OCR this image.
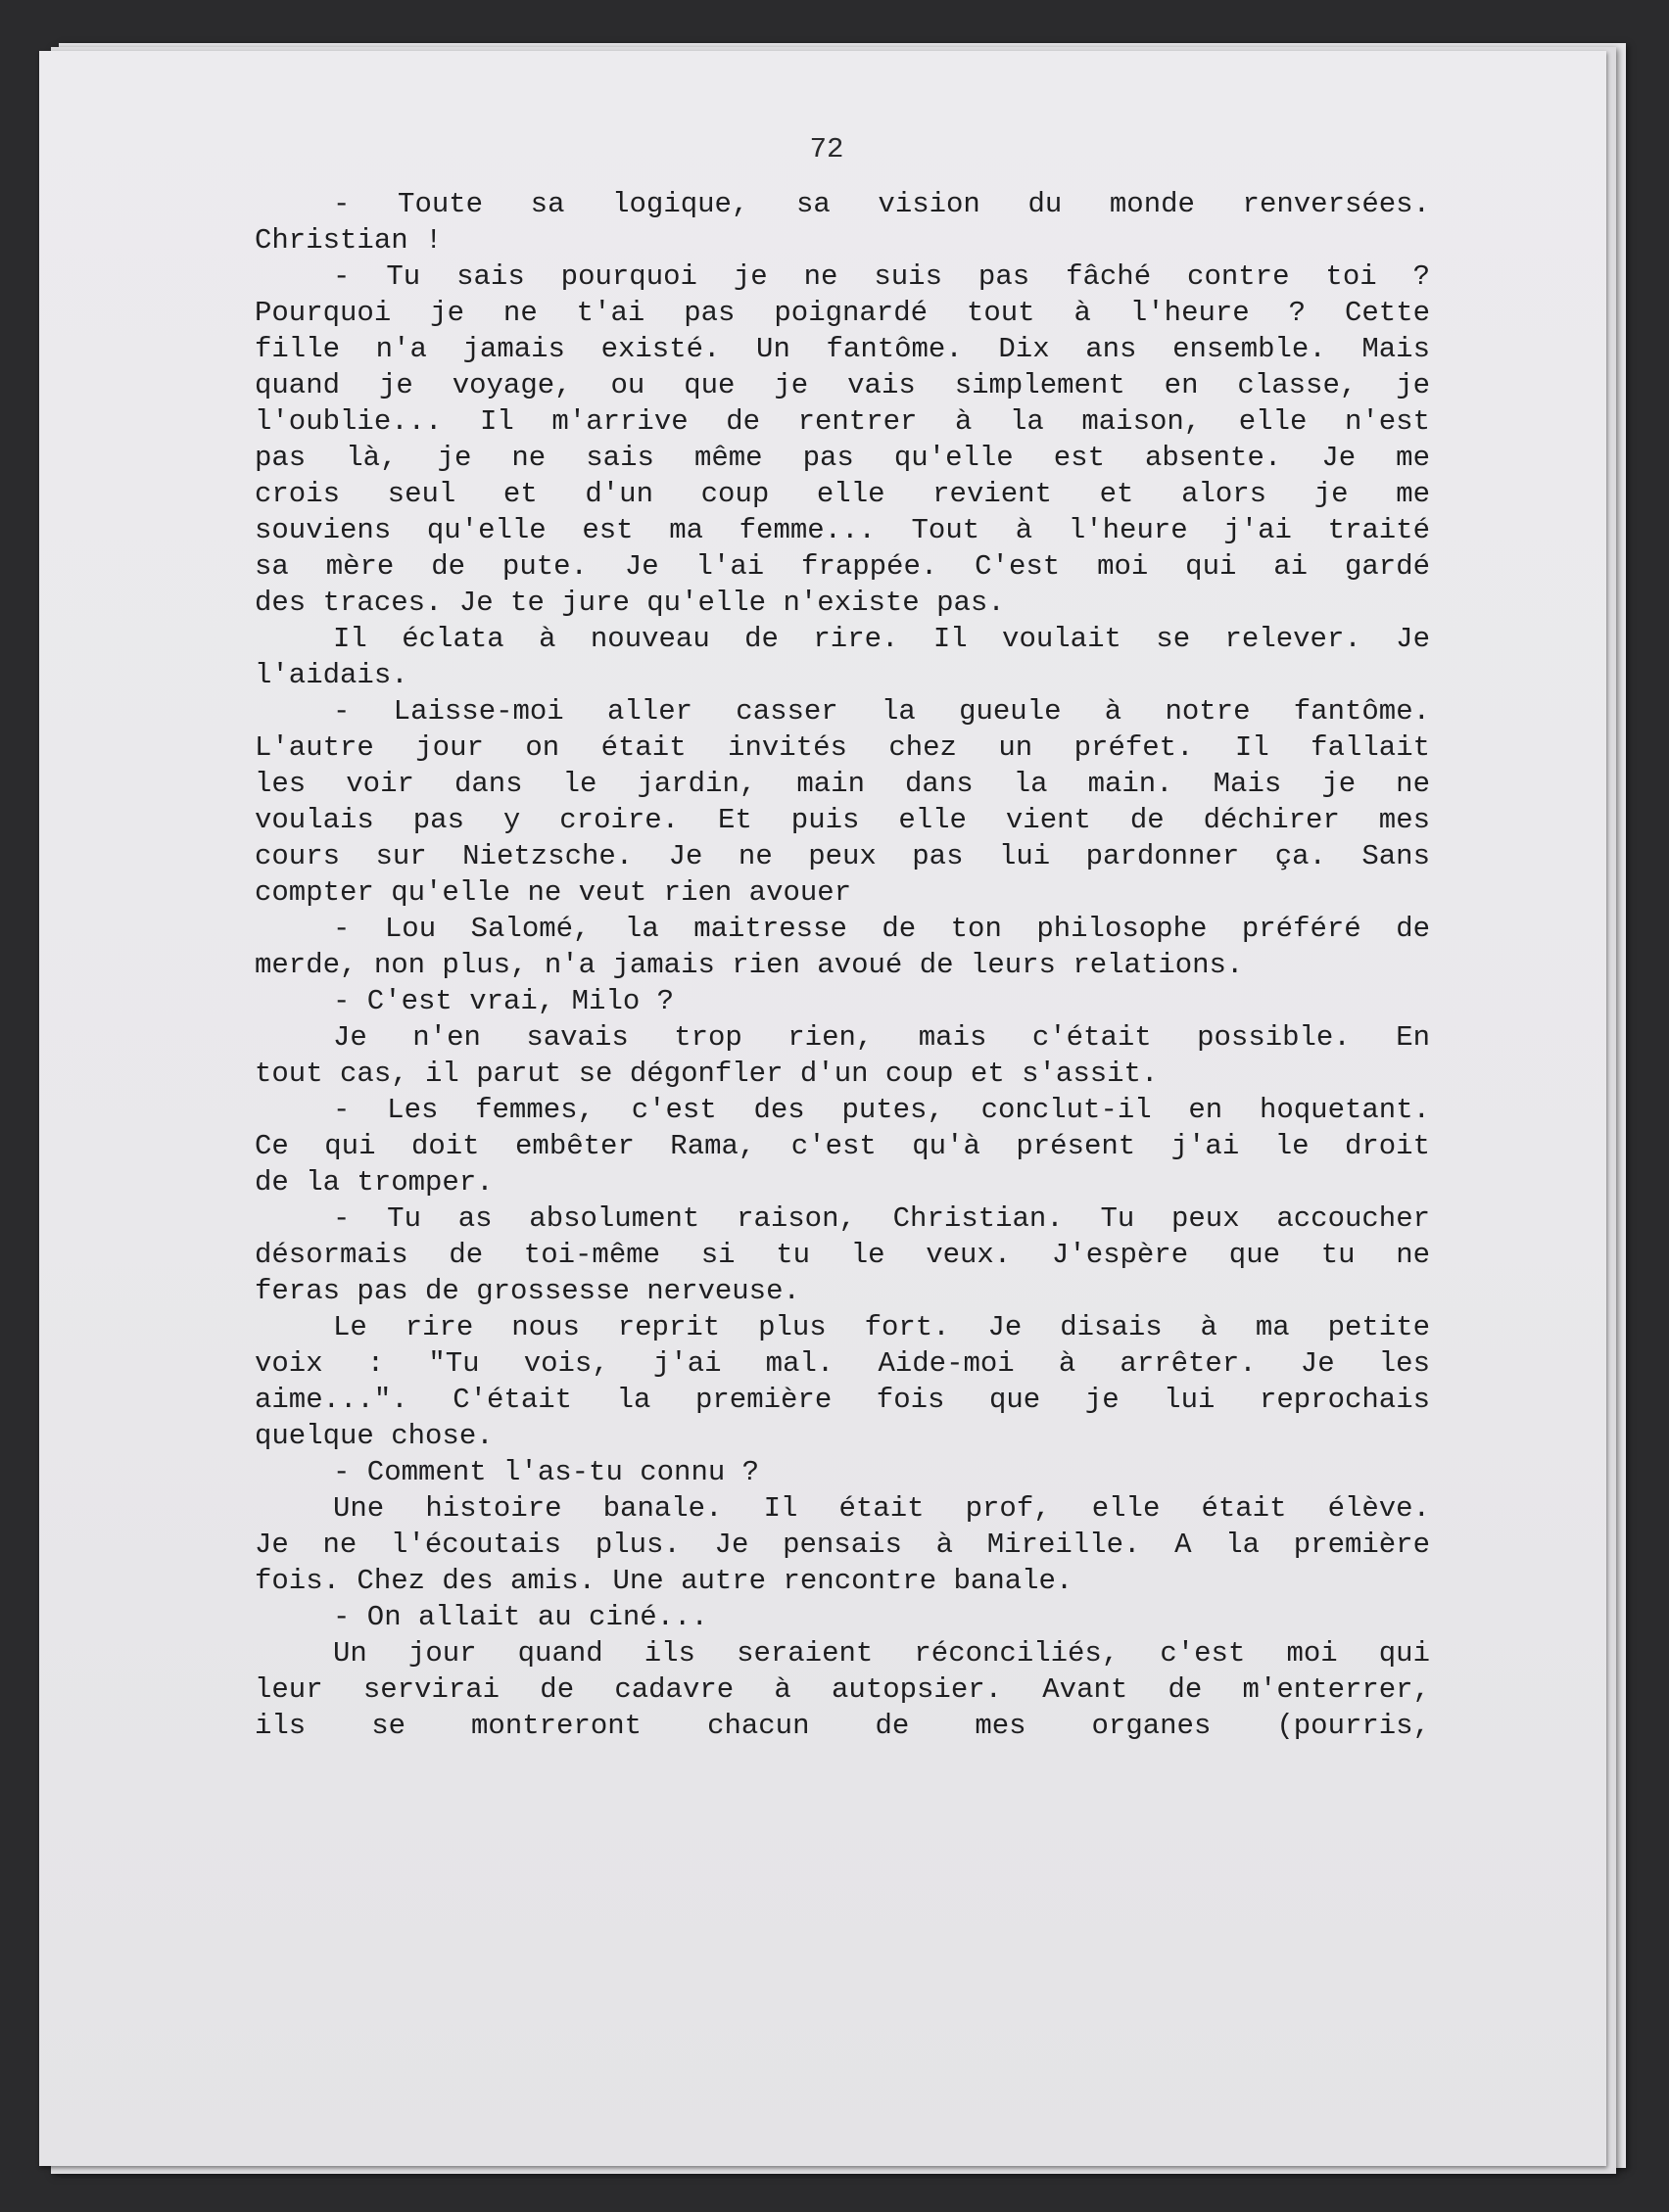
72
- Toute sa logique, sa vision du monde renversées.
Christian !
- Tu sais pourquoi je ne suis pas fâché contre toi ?
Pourquoi je ne t'ai pas poignardé tout à l'heure ? Cette
fille n'a jamais existé. Un fantôme. Dix ans ensemble. Mais
quand je voyage, ou que je vais simplement en classe, je
l'oublie... Il m'arrive de rentrer à la maison, elle n'est
pas là, je ne sais même pas qu'elle est absente. Je me
crois seul et d'un coup elle revient et alors je me
souviens qu'elle est ma femme... Tout à l'heure j'ai traité
sa mère de pute. Je l'ai frappée. C'est moi qui ai gardé
des traces. Je te jure qu'elle n'existe pas.
Il éclata à nouveau de rire. Il voulait se relever. Je
l'aidais.
- Laisse-moi aller casser la gueule à notre fantôme.
L'autre jour on était invités chez un préfet. Il fallait
les voir dans le jardin, main dans la main. Mais je ne
voulais pas y croire. Et puis elle vient de déchirer mes
cours sur Nietzsche. Je ne peux pas lui pardonner ça. Sans
compter qu'elle ne veut rien avouer
- Lou Salomé, la maitresse de ton philosophe préféré de
merde, non plus, n'a jamais rien avoué de leurs relations.
- C'est vrai, Milo ?
Je n'en savais trop rien, mais c'était possible. En
tout cas, il parut se dégonfler d'un coup et s'assit.
- Les femmes, c'est des putes, conclut-il en hoquetant.
Ce qui doit embêter Rama, c'est qu'à présent j'ai le droit
de la tromper.
- Tu as absolument raison, Christian. Tu peux accoucher
désormais de toi-même si tu le veux. J'espère que tu ne
feras pas de grossesse nerveuse.
Le rire nous reprit plus fort. Je disais à ma petite
voix : "Tu vois, j'ai mal. Aide-moi à arrêter. Je les
aime...". C'était la première fois que je lui reprochais
quelque chose.
- Comment l'as-tu connu ?
Une histoire banale. Il était prof, elle était élève.
Je ne l'écoutais plus. Je pensais à Mireille. A la première
fois. Chez des amis. Une autre rencontre banale.
- On allait au ciné...
Un jour quand ils seraient réconciliés, c'est moi qui
leur servirai de cadavre à autopsier. Avant de m'enterrer,
ils se montreront chacun de mes organes (pourris,
